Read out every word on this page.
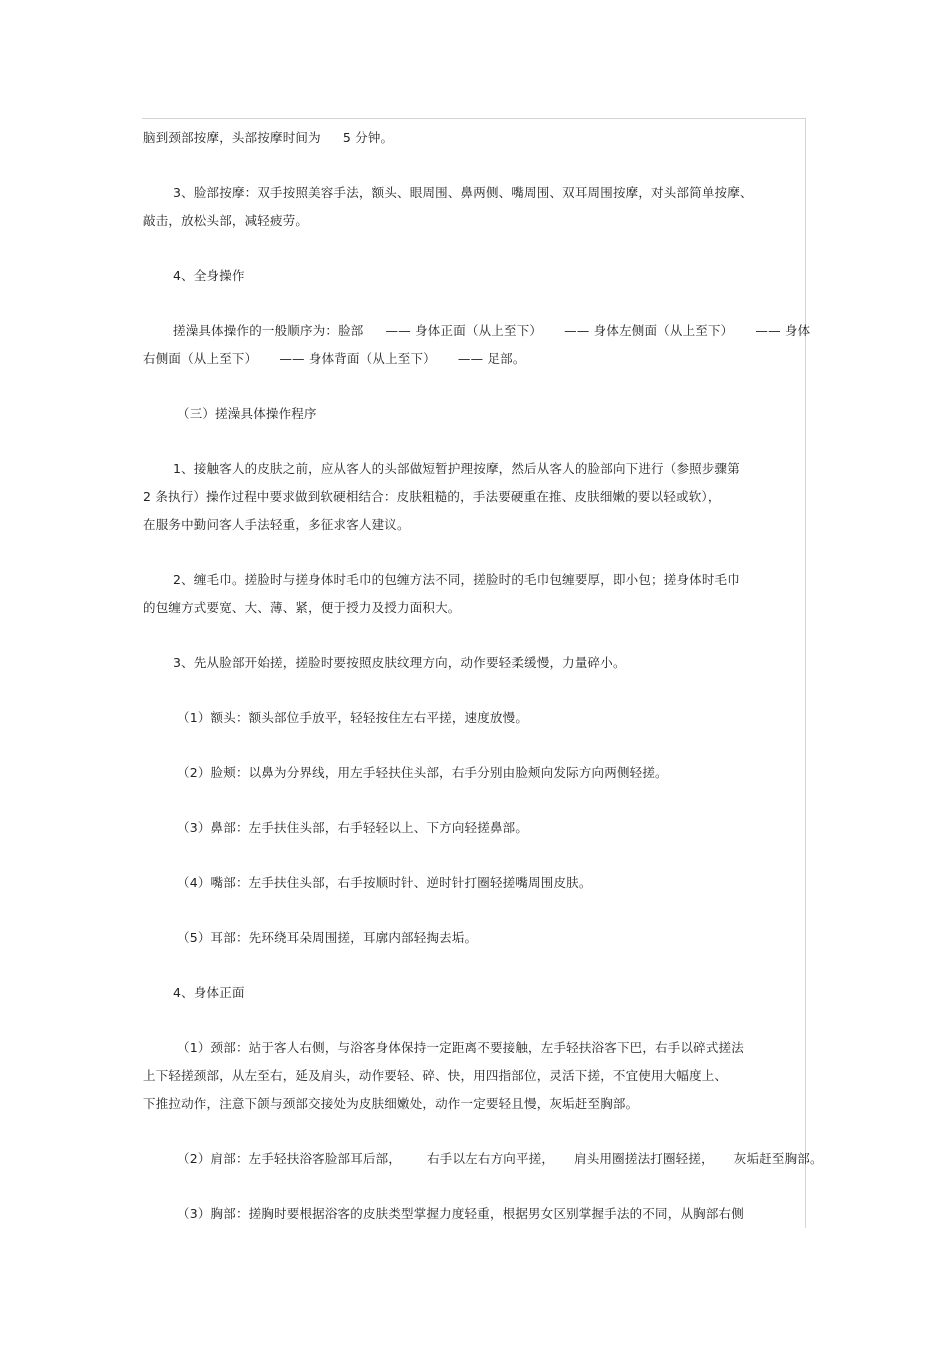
脑到颈部按摩，头部按摩时间为 5 分钟。

3、脸部按摩：双手按照美容手法，额头、眼周围、鼻两侧、嘴周围、双耳周围按摩，对头部简单按摩、

敲击，放松头部，减轻疲劳。

4、全身操作

搓澡具体操作的一般顺序为：脸部 —— 身体正面（从上至下） —— 身体左侧面（从上至下） —— 身体

右侧面（从上至下） —— 身体背面（从上至下） —— 足部。

（三）搓澡具体操作程序

1、接触客人的皮肤之前，应从客人的头部做短暂护理按摩，然后从客人的脸部向下进行（参照步骤第

2 条执行）操作过程中要求做到软硬相结合：皮肤粗糙的，手法要硬重在推、皮肤细嫩的要以轻或软），

在服务中勤问客人手法轻重，多征求客人建议。

2、缠毛巾。搓脸时与搓身体时毛巾的包缠方法不同，搓脸时的毛巾包缠要厚，即小包；搓身体时毛巾

的包缠方式要宽、大、薄、紧，便于授力及授力面积大。

3、先从脸部开始搓，搓脸时要按照皮肤纹理方向，动作要轻柔缓慢，力量碎小。

（1）额头：额头部位手放平，轻轻按住左右平搓，速度放慢。

（2）脸颊：以鼻为分界线，用左手轻扶住头部，右手分别由脸颊向发际方向两侧轻搓。

（3）鼻部：左手扶住头部，右手轻轻以上、下方向轻搓鼻部。

（4）嘴部：左手扶住头部，右手按顺时针、逆时针打圈轻搓嘴周围皮肤。

（5）耳部：先环绕耳朵周围搓，耳廓内部轻掏去垢。

4、身体正面

（1）颈部：站于客人右侧，与浴客身体保持一定距离不要接触，左手轻扶浴客下巴，右手以碎式搓法

上下轻搓颈部，从左至右，延及肩头，动作要轻、碎、快，用四指部位，灵活下搓，不宜使用大幅度上、

下推拉动作，注意下颌与颈部交接处为皮肤细嫩处，动作一定要轻且慢，灰垢赶至胸部。

（2）肩部：左手轻扶浴客脸部耳后部， 右手以左右方向平搓， 肩头用圈搓法打圈轻搓， 灰垢赶至胸部。

（3）胸部：搓胸时要根据浴客的皮肤类型掌握力度轻重，根据男女区别掌握手法的不同，从胸部右侧
